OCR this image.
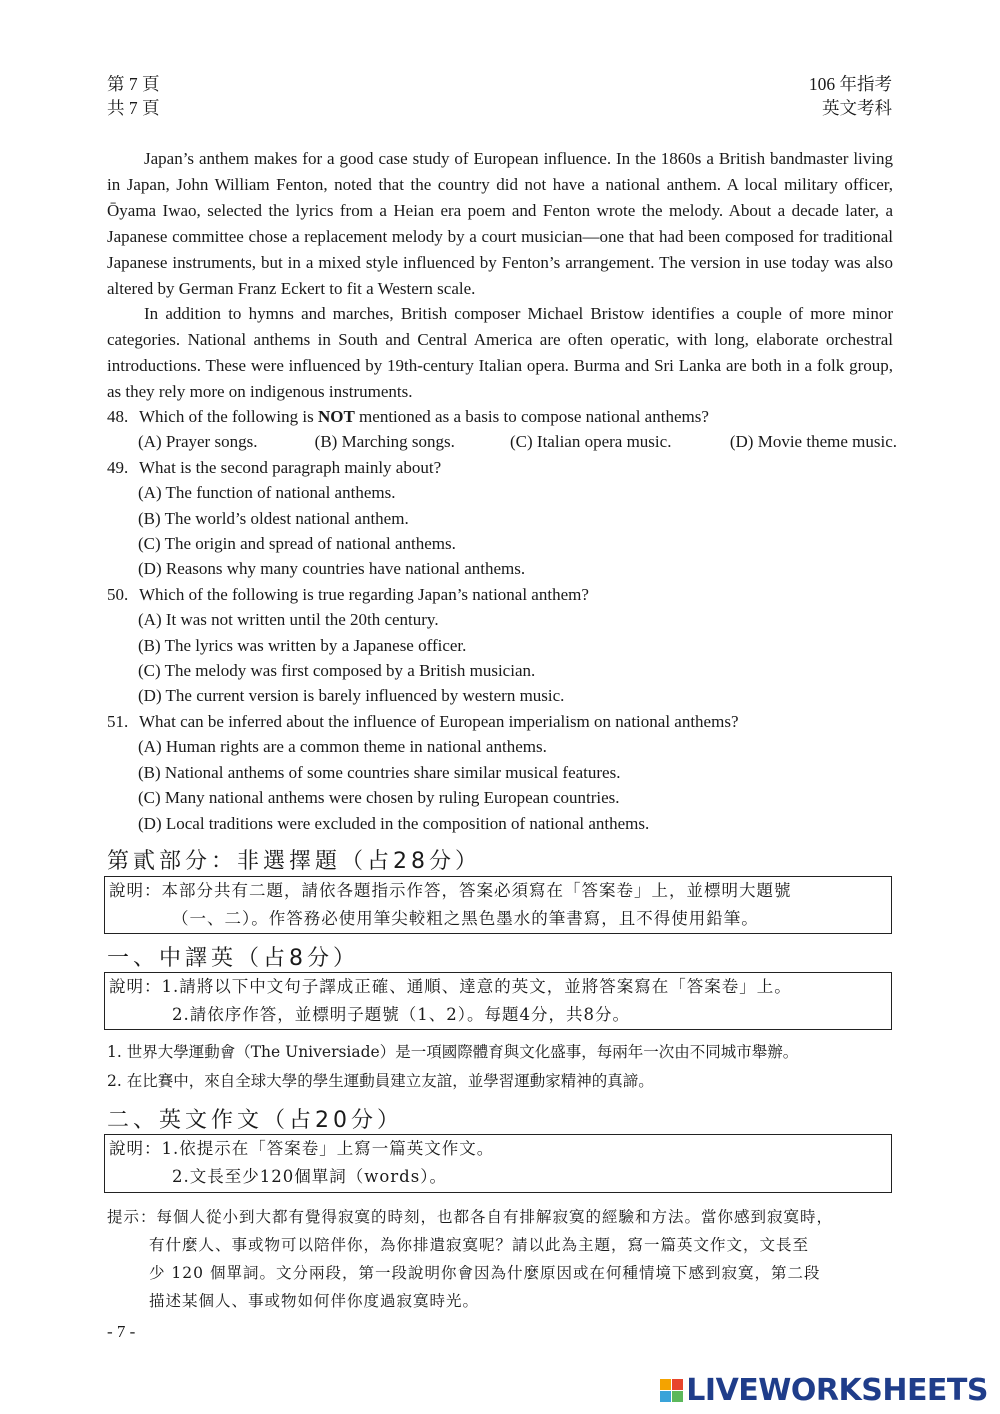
第 7 頁
共 7 頁
106 年指考
英文考科

Japan’s anthem makes for a good case study of European influence. In the 1860s a British bandmaster living in Japan, John William Fenton, noted that the country did not have a national anthem. A local military officer, Ōyama Iwao, selected the lyrics from a Heian era poem and Fenton wrote the melody. About a decade later, a Japanese committee chose a replacement melody by a court musician—one that had been composed for traditional Japanese instruments, but in a mixed style influenced by Fenton’s arrangement. The version in use today was also altered by German Franz Eckert to fit a Western scale.

In addition to hymns and marches, British composer Michael Bristow identifies a couple of more minor categories. National anthems in South and Central America are often operatic, with long, elaborate orchestral introductions. These were influenced by 19th-century Italian opera. Burma and Sri Lanka are both in a folk group, as they rely more on indigenous instruments.

48. Which of the following is NOT mentioned as a basis to compose national anthems?
(A) Prayer songs.	(B) Marching songs.	(C) Italian opera music.	(D) Movie theme music.
49. What is the second paragraph mainly about?
(A) The function of national anthems.
(B) The world’s oldest national anthem.
(C) The origin and spread of national anthems.
(D) Reasons why many countries have national anthems.
50. Which of the following is true regarding Japan’s national anthem?
(A) It was not written until the 20th century.
(B) The lyrics was written by a Japanese officer.
(C) The melody was first composed by a British musician.
(D) The current version is barely influenced by western music.
51. What can be inferred about the influence of European imperialism on national anthems?
(A) Human rights are a common theme in national anthems.
(B) National anthems of some countries share similar musical features.
(C) Many national anthems were chosen by ruling European countries.
(D) Local traditions were excluded in the composition of national anthems.
第貳部分：非選擇題（占28分）
說明：本部分共有二題，請依各題指示作答，答案必須寫在「答案卷」上，並標明大題號
（一、二）。作答務必使用筆尖較粗之黑色墨水的筆書寫，且不得使用鉛筆。
一、中譯英（占8分）
說明：1.請將以下中文句子譯成正確、通順、達意的英文，並將答案寫在「答案卷」上。
2.請依序作答，並標明子題號（1、2）。每題4分，共8分。
1. 世界大學運動會（The Universiade）是一項國際體育與文化盛事，每兩年一次由不同城市舉辦。
2. 在比賽中，來自全球大學的學生運動員建立友誼，並學習運動家精神的真諦。
二、英文作文（占20分）
說明：1.依提示在「答案卷」上寫一篇英文作文。
2.文長至少120個單詞（words）。
提示：每個人從小到大都有覺得寂寞的時刻，也都各自有排解寂寞的經驗和方法。當你感到寂寞時，
有什麼人、事或物可以陪伴你，為你排遣寂寞呢？請以此為主題，寫一篇英文作文，文長至
少 120 個單詞。文分兩段，第一段說明你會因為什麼原因或在何種情境下感到寂寞，第二段
描述某個人、事或物如何伴你度過寂寞時光。
- 7 -
LIVEWORKSHEETS
